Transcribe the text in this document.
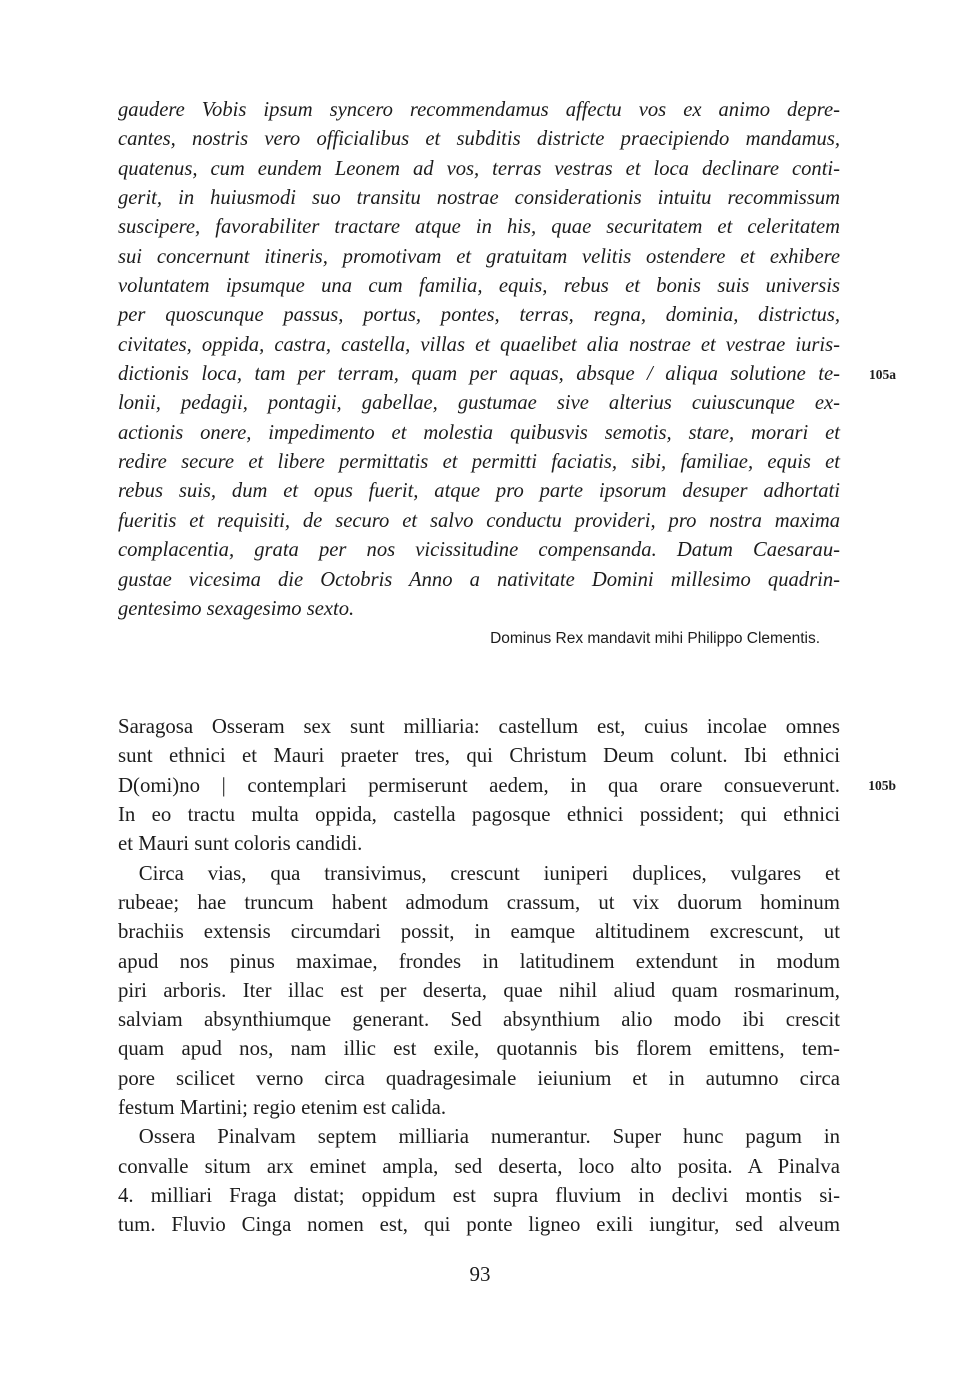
gaudere Vobis ipsum syncero recommendamus affectu vos ex animo depre-
cantes, nostris vero officialibus et subditis districte praecipiendo mandamus,
quatenus, cum eundem Leonem ad vos, terras vestras et loca declinare conti-
gerit, in huiusmodi suo transitu nostrae considerationis intuitu recommissum
suscipere, favorabiliter tractare atque in his, quae securitatem et celeritatem
sui concernunt itineris, promotivam et gratuitam velitis ostendere et exhibere
voluntatem ipsumque una cum familia, equis, rebus et bonis suis universis
per quoscunque passus, portus, pontes, terras, regna, dominia, districtus,
civitates, oppida, castra, castella, villas et quaelibet alia nostrae et vestrae iuris-
dictionis loca, tam per terram, quam per aquas, absque / aliqua solutione te- 105a
lonii, pedagii, pontagii, gabellae, gustumae sive alterius cuiuscunque ex-
actionis onere, impedimento et molestia quibusvis semotis, stare, morari et
redire secure et libere permittatis et permitti faciatis, sibi, familiae, equis et
rebus suis, dum et opus fuerit, atque pro parte ipsorum desuper adhortati
fueritis et requisiti, de securo et salvo conductu provideri, pro nostra maxima
complacentia, grata per nos vicissitudine compensanda. Datum Caesarau-
gustae vicesima die Octobris Anno a nativitate Domini millesimo quadrin-
gentesimo sexagesimo sexto.
Dominus Rex mandavit mihi Philippo Clementis.
Saragosa Osseram sex sunt milliaria: castellum est, cuius incolae omnes
sunt ethnici et Mauri praeter tres, qui Christum Deum colunt. Ibi ethnici
D(omi)no | contemplari permiserunt aedem, in qua orare consueverunt. 105b
In eo tractu multa oppida, castella pagosque ethnici possident; qui ethnici
et Mauri sunt coloris candidi.
Circa vias, qua transivimus, crescunt iuniperi duplices, vulgares et
rubeae; hae truncum habent admodum crassum, ut vix duorum hominum
brachiis extensis circumdari possit, in eamque altitudinem excrescunt, ut
apud nos pinus maximae, frondes in latitudinem extendunt in modum
piri arboris. Iter illac est per deserta, quae nihil aliud quam rosmarinum,
salviam absynthiumque generant. Sed absynthium alio modo ibi crescit
quam apud nos, nam illic est exile, quotannis bis florem emittens, tem-
pore scilicet verno circa quadragesimale ieiunium et in autumno circa
festum Martini; regio etenim est calida.
Ossera Pinalvam septem milliaria numerantur. Super hunc pagum in
convalle situm arx eminet ampla, sed deserta, loco alto posita. A Pinalva
4. milliari Fraga distat; oppidum est supra fluvium in declivi montis si-
tum. Fluvio Cinga nomen est, qui ponte ligneo exili iungitur, sed alveum
93
